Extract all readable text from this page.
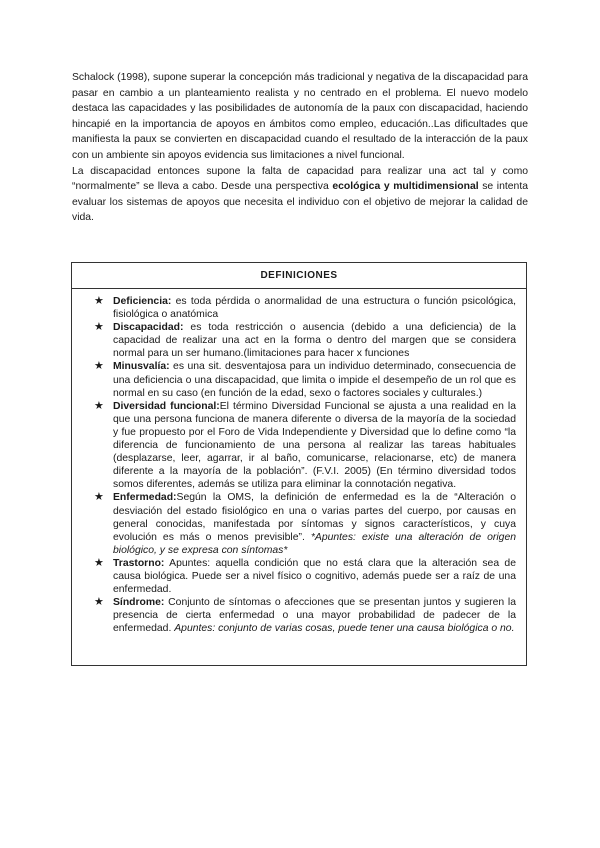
Schalock (1998), supone superar la concepción más tradicional y negativa de la discapacidad para pasar en cambio a un planteamiento realista y no centrado en el problema. El nuevo modelo destaca las capacidades y las posibilidades de autonomía de la paux con discapacidad, haciendo hincapié en la importancia de apoyos en ámbitos como empleo, educación..Las dificultades que manifiesta la paux se convierten en discapacidad cuando el resultado de la interacción de la paux con un ambiente sin apoyos evidencia sus limitaciones a nivel funcional.

La discapacidad entonces supone la falta de capacidad para realizar una act tal y como “normalmente” se lleva a cabo. Desde una perspectiva ecológica y multidimensional se intenta evaluar los sistemas de apoyos que necesita el individuo con el objetivo de mejorar la calidad de vida.

DEFINICIONES
★ Deficiencia: es toda pérdida o anormalidad de una estructura o función psicológica, fisiológica o anatómica
★ Discapacidad: es toda restricción o ausencia (debido a una deficiencia) de la capacidad de realizar una act en la forma o dentro del margen que se considera normal para un ser humano.(limitaciones para hacer x funciones
★ Minusvalía: es una sit. desventajosa para un individuo determinado, consecuencia de una deficiencia o una discapacidad, que limita o impide el desempeño de un rol que es normal en su caso (en función de la edad, sexo o factores sociales y culturales.)
★ Diversidad funcional:El término Diversidad Funcional se ajusta a una realidad en la que una persona funciona de manera diferente o diversa de la mayoría de la sociedad y fue propuesto por el Foro de Vida Independiente y Diversidad que lo define como “la diferencia de funcionamiento de una persona al realizar las tareas habituales (desplazarse, leer, agarrar, ir al baño, comunicarse, relacionarse, etc) de manera diferente a la mayoría de la población”. (F.V.I. 2005) (En término diversidad todos somos diferentes, además se utiliza para eliminar la connotación negativa.
★ Enfermedad:Según la OMS, la definición de enfermedad es la de “Alteración o desviación del estado fisiológico en una o varias partes del cuerpo, por causas en general conocidas, manifestada por síntomas y signos característicos, y cuya evolución es más o menos previsible”. *Apuntes: existe una alteración de origen biológico, y se expresa con síntomas*
★ Trastorno: Apuntes: aquella condición que no está clara que la alteración sea de causa biológica. Puede ser a nivel físico o cognitivo, además puede ser a raíz de una enfermedad.
★ Síndrome: Conjunto de síntomas o afecciones que se presentan juntos y sugieren la presencia de cierta enfermedad o una mayor probabilidad de padecer de la enfermedad. Apuntes: conjunto de varias cosas, puede tener una causa biológica o no.
